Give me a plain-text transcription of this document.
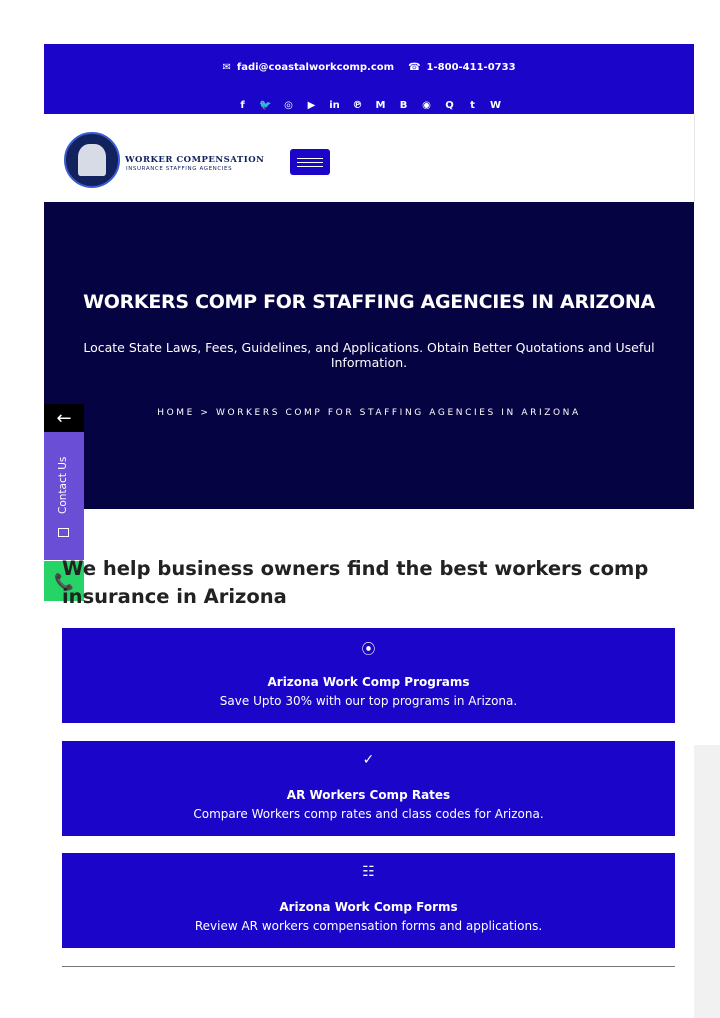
✉ fadi@coastalworkcomp.com ☎ 1-800-411-0733
f	🐦 ◎ ▶ in ℗ M B ◉ Q	t	W
WORKER COMPENSATION
INSURANCE STAFFING AGENCIES
WORKERS COMP FOR STAFFING AGENCIES IN ARIZONA
Locate State Laws, Fees, Guidelines, and Applications. Obtain Better Quotations and Useful Information.
HOME > WORKERS COMP FOR STAFFING AGENCIES IN ARIZONA
←
Contact Us
📞
We help business owners find the best workers comp insurance in Arizona
⦿
Arizona Work Comp Programs
Save Upto 30% with our top programs in Arizona.
✓
AR Workers Comp Rates
Compare Workers comp rates and class codes for Arizona.
☷
Arizona Work Comp Forms
Review AR workers compensation forms and applications.
